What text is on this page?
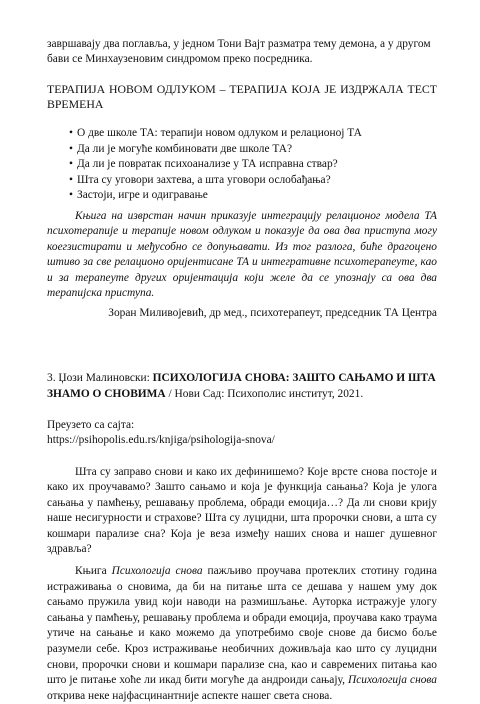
завршавају два поглавља, у једном Тони Вајт разматра тему демона, а у другом бави се Минхаузеновим синдромом преко посредника.

ТЕРАПИЈА НОВОМ ОДЛУКОМ – ТЕРАПИЈА КОЈА ЈЕ ИЗДРЖАЛА ТЕСТ ВРЕМЕНА

• О две школе ТА: терапији новом одлуком и релационој ТА
• Да ли је могуће комбиновати две школе ТА?
• Да ли је повратак психоанализе у ТА исправна ствар?
• Шта су уговори захтева, а шта уговори ослобађања?
• Застоји, игре и одигравање

Књига на изврстан начин приказује интеграцију релационог модела ТА психотерапије и терапије новом одлуком и показује да ова два приступа могу коегзистирати и међусобно се допуњавати. Из тог разлога, биће драгоцено штиво за све релационо оријентисане ТА и интегративне психотерапеуте, као и за терапеуте других оријентација који желе да се упознају са ова два терапијска приступа.

Зоран Миливојевић, др мед., психотерапеут, председник ТА Центра

3. Џози Малиновски: ПСИХОЛОГИЈА СНОВА: ЗАШТО САЊАМО И ШТА ЗНАМО О СНОВИМА / Нови Сад: Психополис институт, 2021.

Преузето са сајта:

https://psihopolis.edu.rs/knjiga/psihologija-snova/

Шта су заправо снови и како их дефинишемо? Које врсте снова постоје и како их проучавамо? Зашто сањамо и која је функција сањања? Која је улога сањања у памћењу, решавању проблема, обради емоција…? Да ли снови крију наше несигурности и страхове? Шта су луцидни, шта пророчки снови, а шта су кошмари парализе сна? Која је веза између наших снова и нашег душевног здравља?

Књига Психологија снова пажљиво проучава протеклих стотину година истраживања о сновима, да би на питање шта се дешава у нашем уму док сањамо пружила увид који наводи на размишљање. Ауторка истражује улогу сањања у памћењу, решавању проблема и обради емоција, проучава како траума утиче на сањање и како можемо да употребимо своје снове да бисмо боље разумели себе. Кроз истраживање необичних доживљаја као што су луцидни снови, пророчки снови и кошмари парализе сна, као и савремених питања као што је питање хоће ли икад бити могуће да андроиди сањају, Психологија снова открива неке најфасцинантније аспекте нашег света снова.
